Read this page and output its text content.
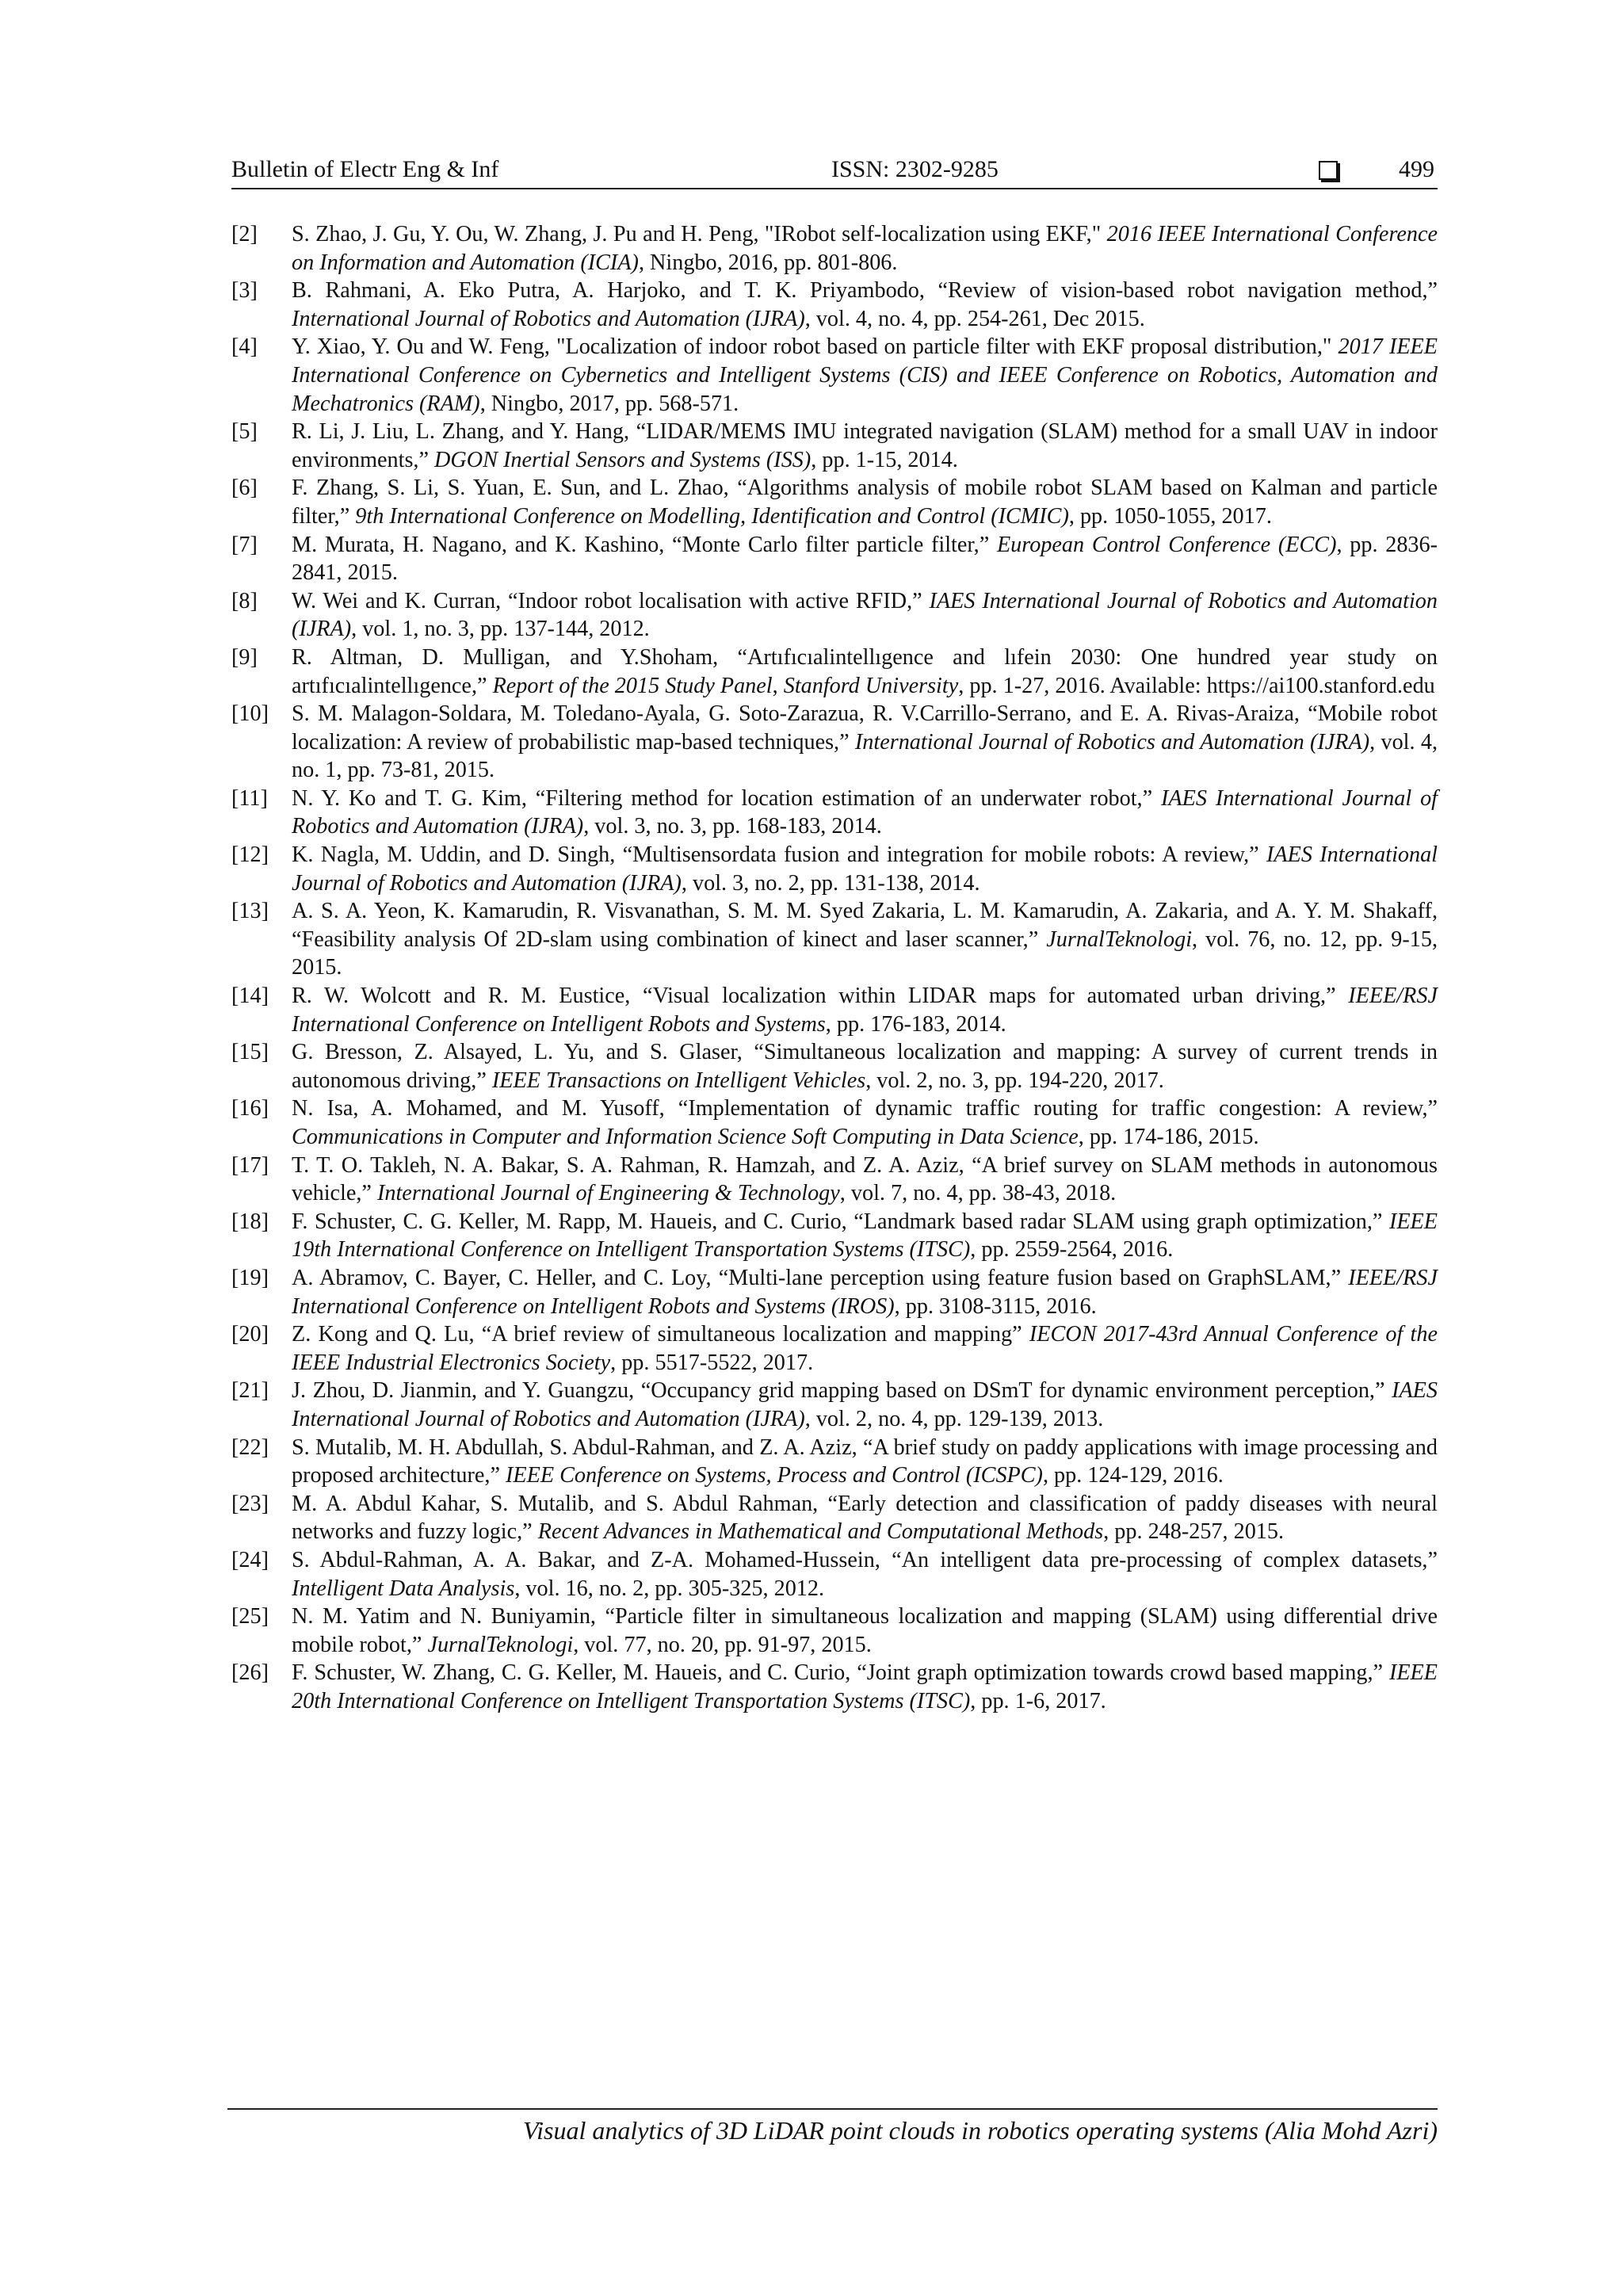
Bulletin of Electr Eng & Inf	ISSN: 2302-9285	499
[2]	S. Zhao, J. Gu, Y. Ou, W. Zhang, J. Pu and H. Peng, "IRobot self-localization using EKF," 2016 IEEE International Conference on Information and Automation (ICIA), Ningbo, 2016, pp. 801-806.
[3]	B. Rahmani, A. Eko Putra, A. Harjoko, and T. K. Priyambodo, “Review of vision-based robot navigation method,” International Journal of Robotics and Automation (IJRA), vol. 4, no. 4, pp. 254-261, Dec 2015.
[4]	Y. Xiao, Y. Ou and W. Feng, "Localization of indoor robot based on particle filter with EKF proposal distribution," 2017 IEEE International Conference on Cybernetics and Intelligent Systems (CIS) and IEEE Conference on Robotics, Automation and Mechatronics (RAM), Ningbo, 2017, pp. 568-571.
[5]	R. Li, J. Liu, L. Zhang, and Y. Hang, “LIDAR/MEMS IMU integrated navigation (SLAM) method for a small UAV in indoor environments,” DGON Inertial Sensors and Systems (ISS), pp. 1-15, 2014.
[6]	F. Zhang, S. Li, S. Yuan, E. Sun, and L. Zhao, “Algorithms analysis of mobile robot SLAM based on Kalman and particle filter,” 9th International Conference on Modelling, Identification and Control (ICMIC), pp. 1050-1055, 2017.
[7]	M. Murata, H. Nagano, and K. Kashino, “Monte Carlo filter particle filter,” European Control Conference (ECC), pp. 2836-2841, 2015.
[8]	W. Wei and K. Curran, “Indoor robot localisation with active RFID,” IAES International Journal of Robotics and Automation (IJRA), vol. 1, no. 3, pp. 137-144, 2012.
[9]	R. Altman, D. Mulligan, and Y.Shoham, “Artıfıcıalintellıgence and lıfein 2030: One hundred year study on artıfıcıalintellıgence,” Report of the 2015 Study Panel, Stanford University, pp. 1-27, 2016. Available: https://ai100.stanford.edu
[10]	S. M. Malagon-Soldara, M. Toledano-Ayala, G. Soto-Zarazua, R. V.Carrillo-Serrano, and E. A. Rivas-Araiza, “Mobile robot localization: A review of probabilistic map-based techniques,” International Journal of Robotics and Automation (IJRA), vol. 4, no. 1, pp. 73-81, 2015.
[11]	N. Y. Ko and T. G. Kim, “Filtering method for location estimation of an underwater robot,” IAES International Journal of Robotics and Automation (IJRA), vol. 3, no. 3, pp. 168-183, 2014.
[12]	K. Nagla, M. Uddin, and D. Singh, “Multisensordata fusion and integration for mobile robots: A review,” IAES International Journal of Robotics and Automation (IJRA), vol. 3, no. 2, pp. 131-138, 2014.
[13]	A. S. A. Yeon, K. Kamarudin, R. Visvanathan, S. M. M. Syed Zakaria, L. M. Kamarudin, A. Zakaria, and A. Y. M. Shakaff, “Feasibility analysis Of 2D-slam using combination of kinect and laser scanner,” JurnalTeknologi, vol. 76, no. 12, pp. 9-15, 2015.
[14]	R. W. Wolcott and R. M. Eustice, “Visual localization within LIDAR maps for automated urban driving,” IEEE/RSJ International Conference on Intelligent Robots and Systems, pp. 176-183, 2014.
[15]	G. Bresson, Z. Alsayed, L. Yu, and S. Glaser, “Simultaneous localization and mapping: A survey of current trends in autonomous driving,” IEEE Transactions on Intelligent Vehicles, vol. 2, no. 3, pp. 194-220, 2017.
[16]	N. Isa, A. Mohamed, and M. Yusoff, “Implementation of dynamic traffic routing for traffic congestion: A review,” Communications in Computer and Information Science Soft Computing in Data Science, pp. 174-186, 2015.
[17]	T. T. O. Takleh, N. A. Bakar, S. A. Rahman, R. Hamzah, and Z. A. Aziz, “A brief survey on SLAM methods in autonomous vehicle,” International Journal of Engineering & Technology, vol. 7, no. 4, pp. 38-43, 2018.
[18]	F. Schuster, C. G. Keller, M. Rapp, M. Haueis, and C. Curio, “Landmark based radar SLAM using graph optimization,” IEEE 19th International Conference on Intelligent Transportation Systems (ITSC), pp. 2559-2564, 2016.
[19]	A. Abramov, C. Bayer, C. Heller, and C. Loy, “Multi-lane perception using feature fusion based on GraphSLAM,” IEEE/RSJ International Conference on Intelligent Robots and Systems (IROS), pp. 3108-3115, 2016.
[20]	Z. Kong and Q. Lu, “A brief review of simultaneous localization and mapping” IECON 2017-43rd Annual Conference of the IEEE Industrial Electronics Society, pp. 5517-5522, 2017.
[21]	J. Zhou, D. Jianmin, and Y. Guangzu, “Occupancy grid mapping based on DSmT for dynamic environment perception,” IAES International Journal of Robotics and Automation (IJRA), vol. 2, no. 4, pp. 129-139, 2013.
[22]	S. Mutalib, M. H. Abdullah, S. Abdul-Rahman, and Z. A. Aziz, “A brief study on paddy applications with image processing and proposed architecture,” IEEE Conference on Systems, Process and Control (ICSPC), pp. 124-129, 2016.
[23]	M. A. Abdul Kahar, S. Mutalib, and S. Abdul Rahman, “Early detection and classification of paddy diseases with neural networks and fuzzy logic,” Recent Advances in Mathematical and Computational Methods, pp. 248-257, 2015.
[24]	S. Abdul-Rahman, A. A. Bakar, and Z-A. Mohamed-Hussein, “An intelligent data pre-processing of complex datasets,” Intelligent Data Analysis, vol. 16, no. 2, pp. 305-325, 2012.
[25]	N. M. Yatim and N. Buniyamin, “Particle filter in simultaneous localization and mapping (SLAM) using differential drive mobile robot,” JurnalTeknologi, vol. 77, no. 20, pp. 91-97, 2015.
[26]	F. Schuster, W. Zhang, C. G. Keller, M. Haueis, and C. Curio, “Joint graph optimization towards crowd based mapping,” IEEE 20th International Conference on Intelligent Transportation Systems (ITSC), pp. 1-6, 2017.
Visual analytics of 3D LiDAR point clouds in robotics operating systems (Alia Mohd Azri)
